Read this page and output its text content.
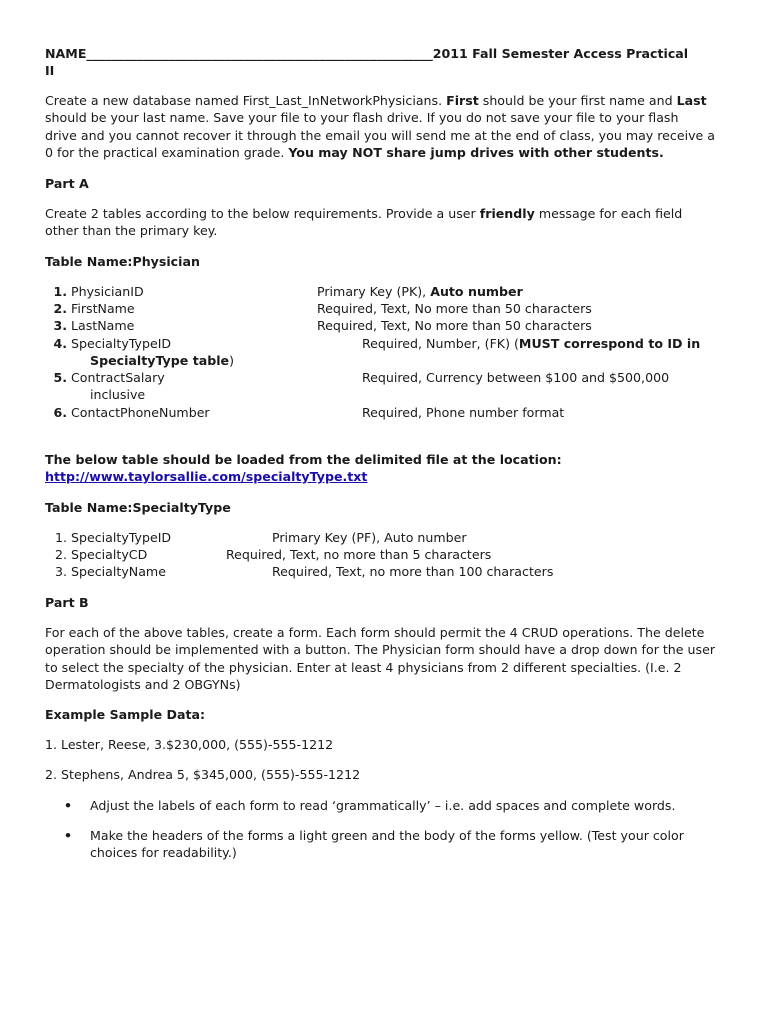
NAME_______________________________________________________2011 Fall Semester Access Practical
II
Create a new database named First_Last_InNetworkPhysicians. First should be your first name and Last
should be your last name. Save your file to your flash drive. If you do not save your file to your flash
drive and you cannot recover it through the email you will send me at the end of class, you may receive a
0 for the practical examination grade. You may NOT share jump drives with other students.
Part A
Create 2 tables according to the below requirements. Provide a user friendly message for each field
other than the primary key.
Table Name:Physician
1. PhysicianID	Primary Key (PK), Auto number
2. FirstName	Required, Text, No more than 50 characters
3. LastName	Required, Text, No more than 50 characters
4. SpecialtyTypeID	Required, Number, (FK) (MUST correspond to ID in
SpecialtyType table)
5. ContractSalary	Required, Currency between $100 and $500,000
inclusive
6. ContactPhoneNumber	Required, Phone number format
The below table should be loaded from the delimited file at the location:
http://www.taylorsallie.com/specialtyType.txt
Table Name:SpecialtyType
1. SpecialtyTypeID	Primary Key (PF), Auto number
2. SpecialtyCD	Required, Text, no more than 5 characters
3. SpecialtyName	Required, Text, no more than 100 characters
Part B
For each of the above tables, create a form. Each form should permit the 4 CRUD operations. The delete
operation should be implemented with a button. The Physician form should have a drop down for the user
to select the specialty of the physician. Enter at least 4 physicians from 2 different specialties. (I.e. 2
Dermatologists and 2 OBGYNs)
Example Sample Data:
1. Lester, Reese, 3.$230,000, (555)-555-1212
2. Stephens, Andrea 5, $345,000, (555)-555-1212
• Adjust the labels of each form to read ‘grammatically’ – i.e. add spaces and complete words.
• Make the headers of the forms a light green and the body of the forms yellow. (Test your color
choices for readability.)
